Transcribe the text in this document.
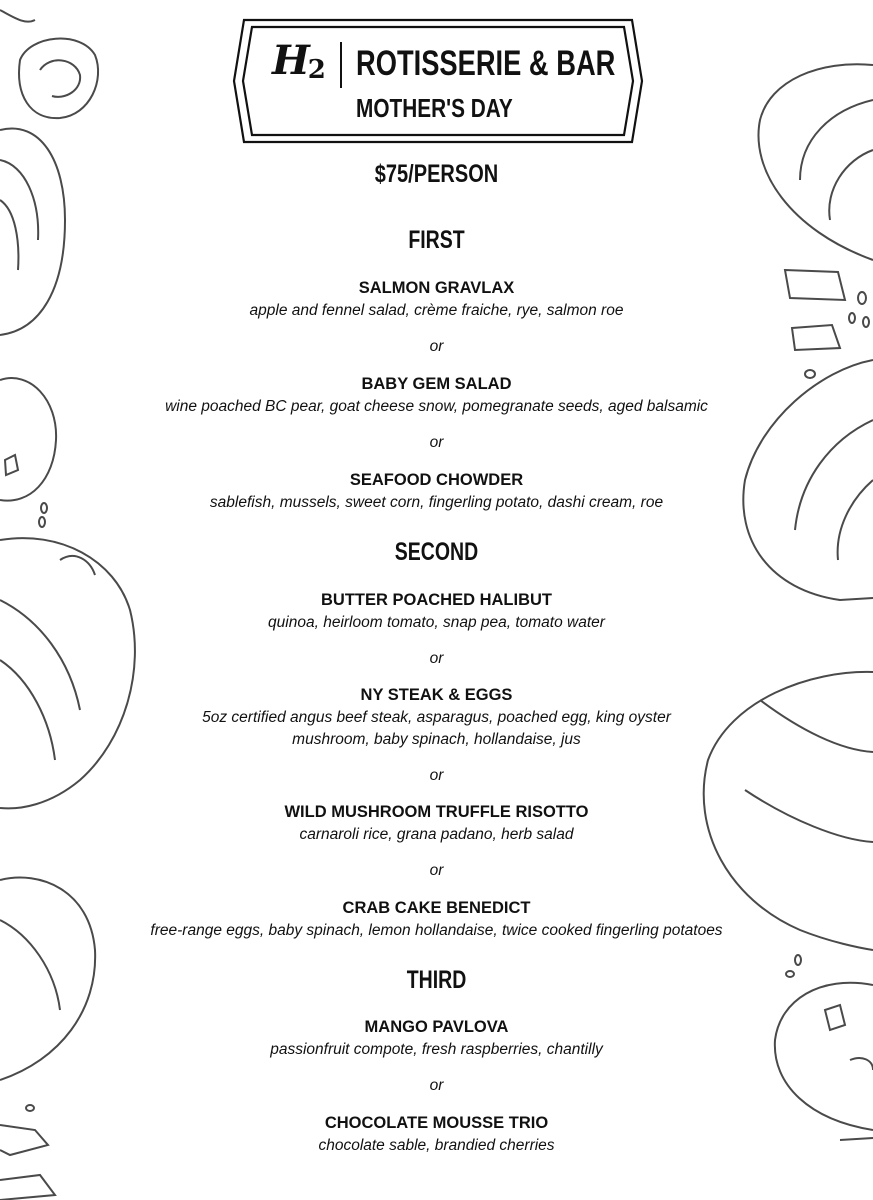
H2 ROTISSERIE & BAR
MOTHER'S DAY
$75/PERSON
FIRST
SALMON GRAVLAX
apple and fennel salad, crème fraiche, rye, salmon roe
or
BABY GEM SALAD
wine poached BC pear, goat cheese snow, pomegranate seeds, aged balsamic
or
SEAFOOD CHOWDER
sablefish, mussels, sweet corn, fingerling potato, dashi cream, roe
SECOND
BUTTER POACHED HALIBUT
quinoa, heirloom tomato, snap pea, tomato water
or
NY STEAK & EGGS
5oz certified angus beef steak, asparagus, poached egg, king oyster mushroom, baby spinach, hollandaise, jus
or
WILD MUSHROOM TRUFFLE RISOTTO
carnaroli rice, grana padano, herb salad
or
CRAB CAKE BENEDICT
free-range eggs, baby spinach, lemon hollandaise, twice cooked fingerling potatoes
THIRD
MANGO PAVLOVA
passionfruit compote, fresh raspberries, chantilly
or
CHOCOLATE MOUSSE TRIO
chocolate sable, brandied cherries
